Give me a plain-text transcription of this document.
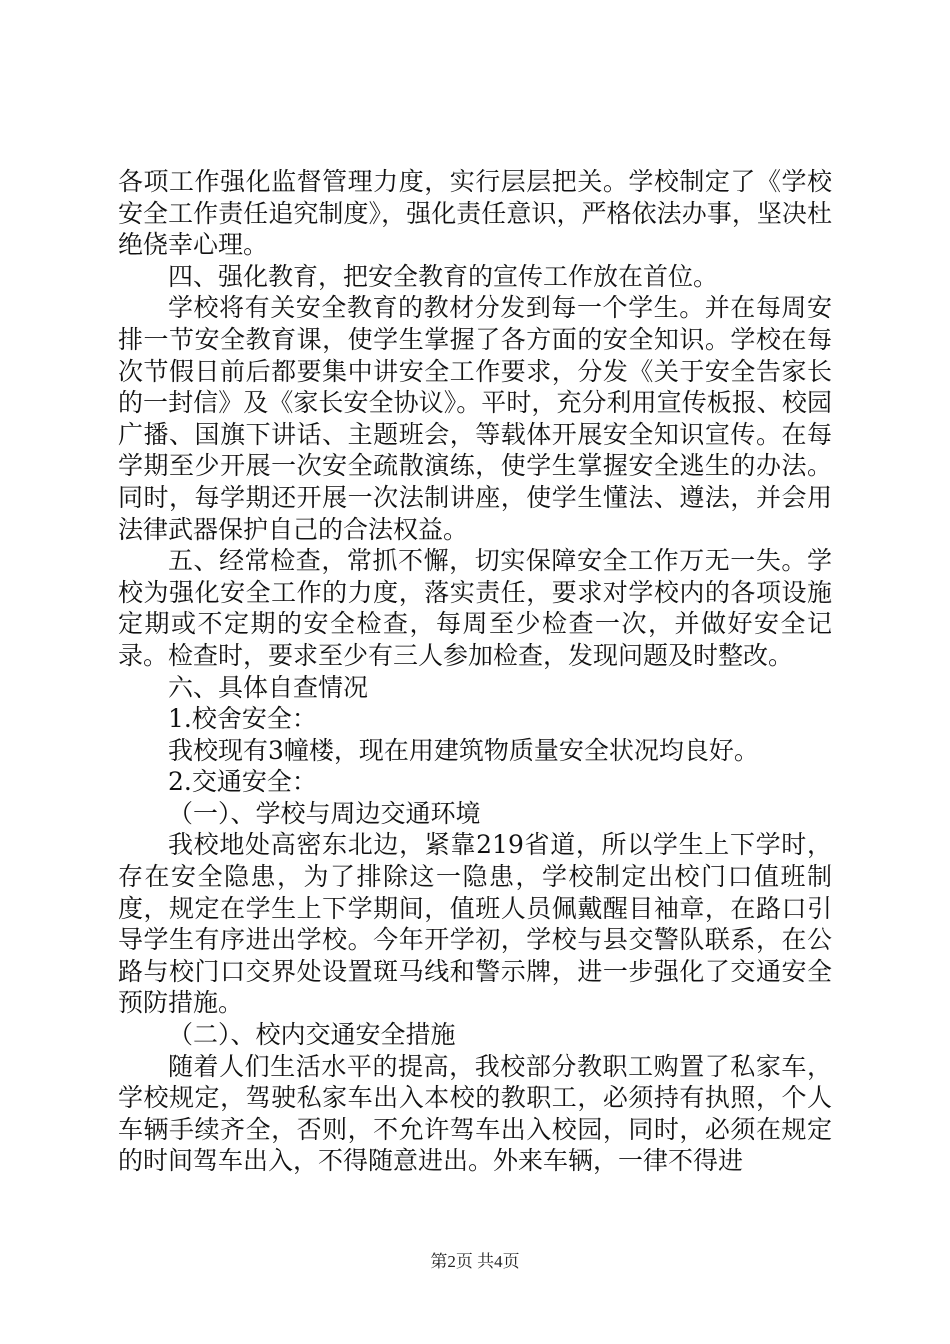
各项工作强化监督管理力度，实行层层把关。学校制定了《学校安全工作责任追究制度》，强化责任意识，严格依法办事，坚决杜绝侥幸心理。

四、强化教育，把安全教育的宣传工作放在首位。

学校将有关安全教育的教材分发到每一个学生。并在每周安排一节安全教育课，使学生掌握了各方面的安全知识。学校在每次节假日前后都要集中讲安全工作要求，分发《关于安全告家长的一封信》及《家长安全协议》。平时，充分利用宣传板报、校园广播、国旗下讲话、主题班会，等载体开展安全知识宣传。在每学期至少开展一次安全疏散演练，使学生掌握安全逃生的办法。同时，每学期还开展一次法制讲座，使学生懂法、遵法，并会用法律武器保护自己的合法权益。

五、经常检查，常抓不懈，切实保障安全工作万无一失。学校为强化安全工作的力度，落实责任，要求对学校内的各项设施定期或不定期的安全检查，每周至少检查一次，并做好安全记录。检查时，要求至少有三人参加检查，发现问题及时整改。

六、具体自查情况

1.校舍安全：

我校现有3幢楼，现在用建筑物质量安全状况均良好。

2.交通安全：

（一）、学校与周边交通环境

我校地处高密东北边，紧靠219省道，所以学生上下学时，存在安全隐患，为了排除这一隐患，学校制定出校门口值班制度，规定在学生上下学期间，值班人员佩戴醒目袖章，在路口引导学生有序进出学校。今年开学初，学校与县交警队联系，在公路与校门口交界处设置斑马线和警示牌，进一步强化了交通安全预防措施。

（二）、校内交通安全措施

随着人们生活水平的提高，我校部分教职工购置了私家车，学校规定，驾驶私家车出入本校的教职工，必须持有执照，个人车辆手续齐全，否则，不允许驾车出入校园，同时，必须在规定的时间驾车出入，不得随意进出。外来车辆，一律不得进

第2页 共4页
